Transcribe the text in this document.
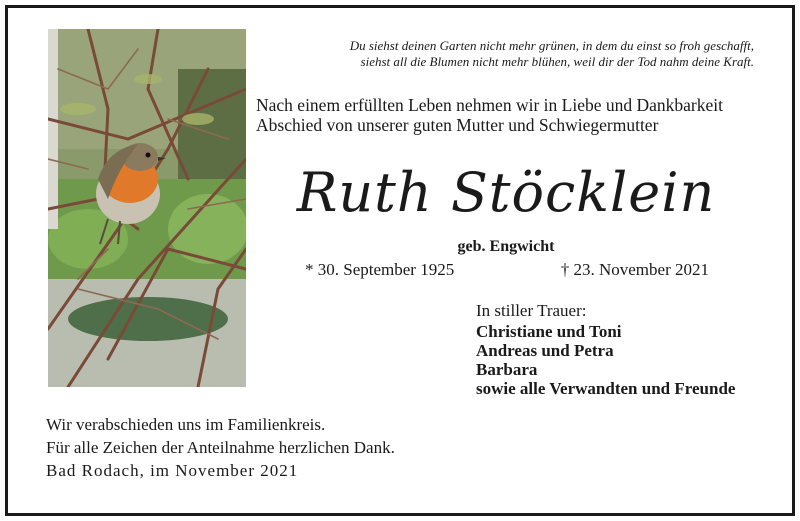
Du siehst deinen Garten nicht mehr grünen, in dem du einst so froh geschafft,
siehst all die Blumen nicht mehr blühen, weil dir der Tod nahm deine Kraft.
Nach einem erfüllten Leben nehmen wir in Liebe und Dankbarkeit
Abschied von unserer guten Mutter und Schwiegermutter
Ruth Stöcklein
geb. Engwicht
* 30. September 1925	† 23. November 2021
In stiller Trauer:
Christiane und Toni
Andreas und Petra
Barbara
sowie alle Verwandten und Freunde
Wir verabschieden uns im Familienkreis.
Für alle Zeichen der Anteilnahme herzlichen Dank.
Bad Rodach, im November 2021
